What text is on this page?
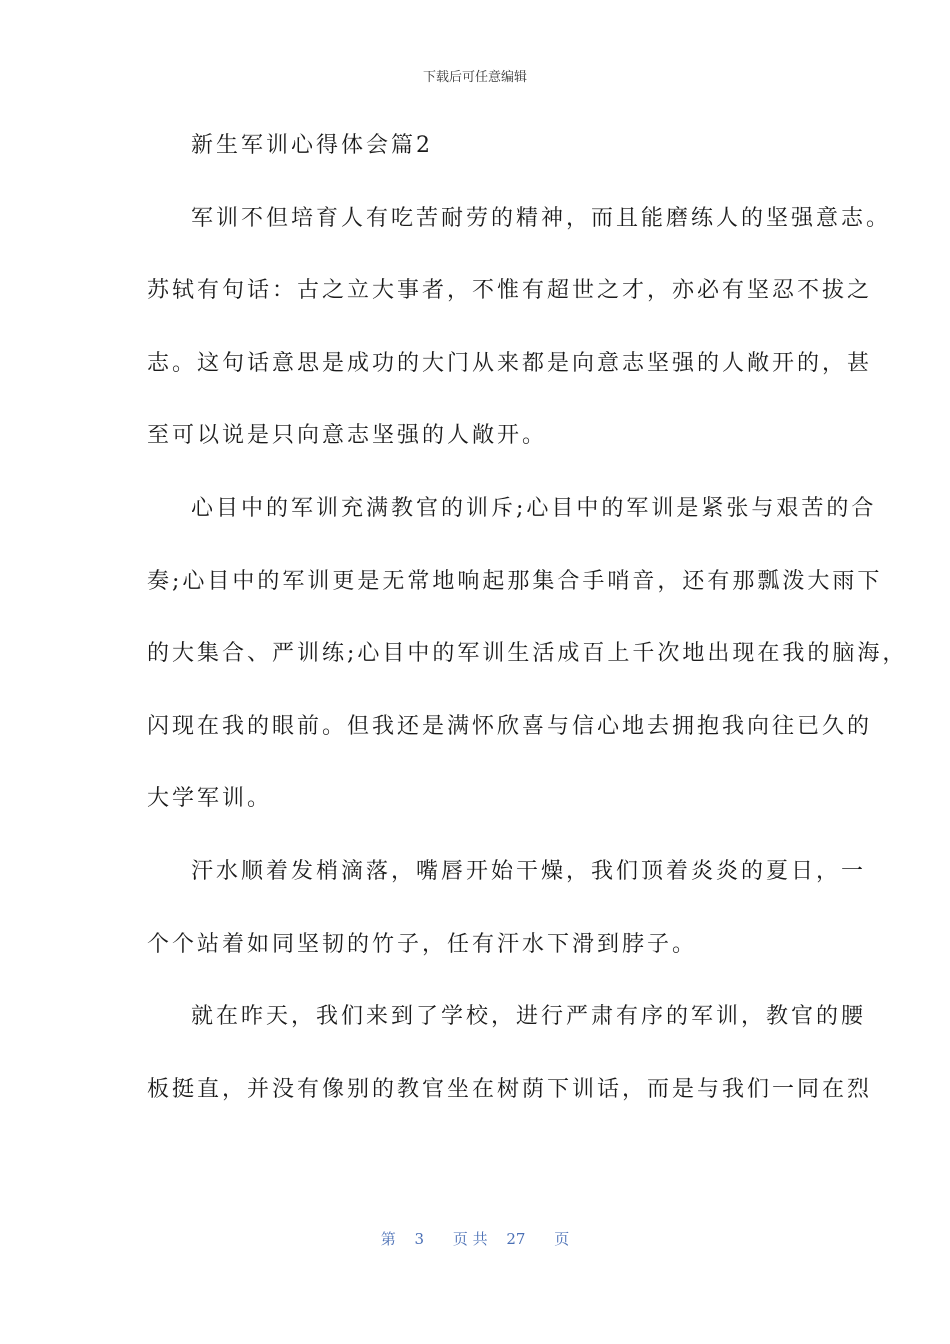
下载后可任意编辑
新生军训心得体会篇2
军训不但培育人有吃苦耐劳的精神，而且能磨练人的坚强意志。
苏轼有句话：古之立大事者，不惟有超世之才，亦必有坚忍不拔之
志。这句话意思是成功的大门从来都是向意志坚强的人敞开的，甚
至可以说是只向意志坚强的人敞开。
心目中的军训充满教官的训斥;心目中的军训是紧张与艰苦的合
奏;心目中的军训更是无常地响起那集合手哨音，还有那瓢泼大雨下
的大集合、严训练;心目中的军训生活成百上千次地出现在我的脑海，
闪现在我的眼前。但我还是满怀欣喜与信心地去拥抱我向往已久的
大学军训。
汗水顺着发梢滴落，嘴唇开始干燥，我们顶着炎炎的夏日，一
个个站着如同坚韧的竹子，任有汗水下滑到脖子。
就在昨天，我们来到了学校，进行严肃有序的军训，教官的腰
板挺直，并没有像别的教官坐在树荫下训话，而是与我们一同在烈
第 3 页 共 27 页
